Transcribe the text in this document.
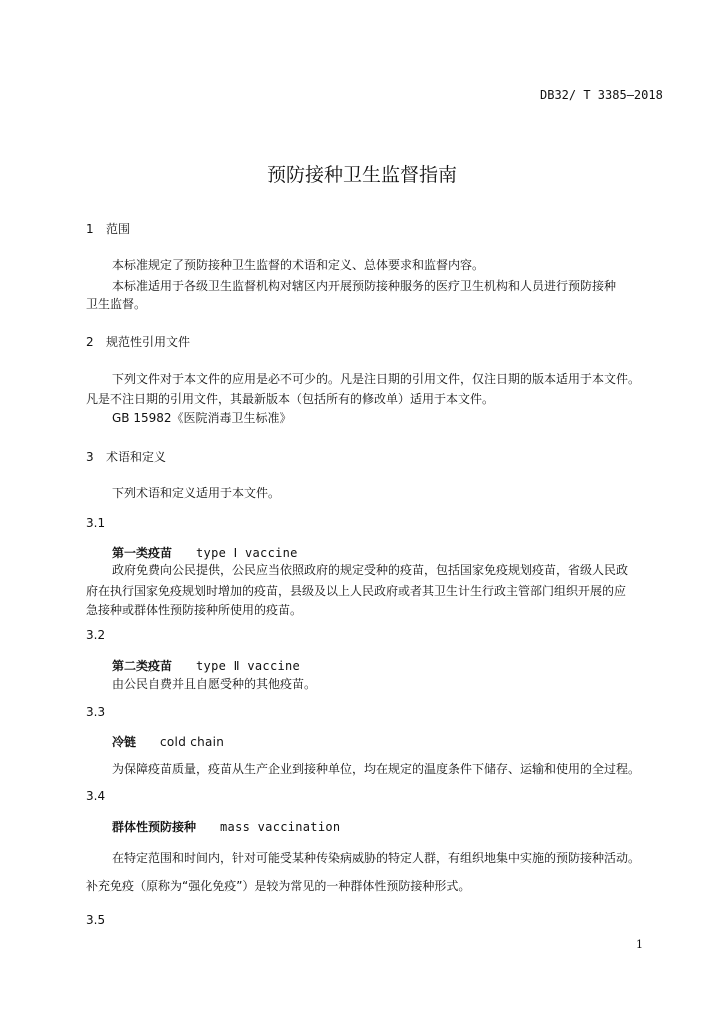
DB32/ T 3385—2018
预防接种卫生监督指南
1 范围
本标准规定了预防接种卫生监督的术语和定义、总体要求和监督内容。
本标准适用于各级卫生监督机构对辖区内开展预防接种服务的医疗卫生机构和人员进行预防接种
卫生监督。
2 规范性引用文件
下列文件对于本文件的应用是必不可少的。凡是注日期的引用文件，仅注日期的版本适用于本文件。
凡是不注日期的引用文件，其最新版本（包括所有的修改单）适用于本文件。
GB 15982《医院消毒卫生标准》
3 术语和定义
下列术语和定义适用于本文件。
3.1
第一类疫苗 type Ⅰ vaccine
政府免费向公民提供，公民应当依照政府的规定受种的疫苗，包括国家免疫规划疫苗，省级人民政
府在执行国家免疫规划时增加的疫苗，县级及以上人民政府或者其卫生计生行政主管部门组织开展的应
急接种或群体性预防接种所使用的疫苗。
3.2
第二类疫苗 type Ⅱ vaccine
由公民自费并且自愿受种的其他疫苗。
3.3
冷链 cold chain
为保障疫苗质量，疫苗从生产企业到接种单位，均在规定的温度条件下储存、运输和使用的全过程。
3.4
群体性预防接种 mass vaccination
在特定范围和时间内，针对可能受某种传染病威胁的特定人群，有组织地集中实施的预防接种活动。
补充免疫（原称为“强化免疫”）是较为常见的一种群体性预防接种形式。
3.5
1
